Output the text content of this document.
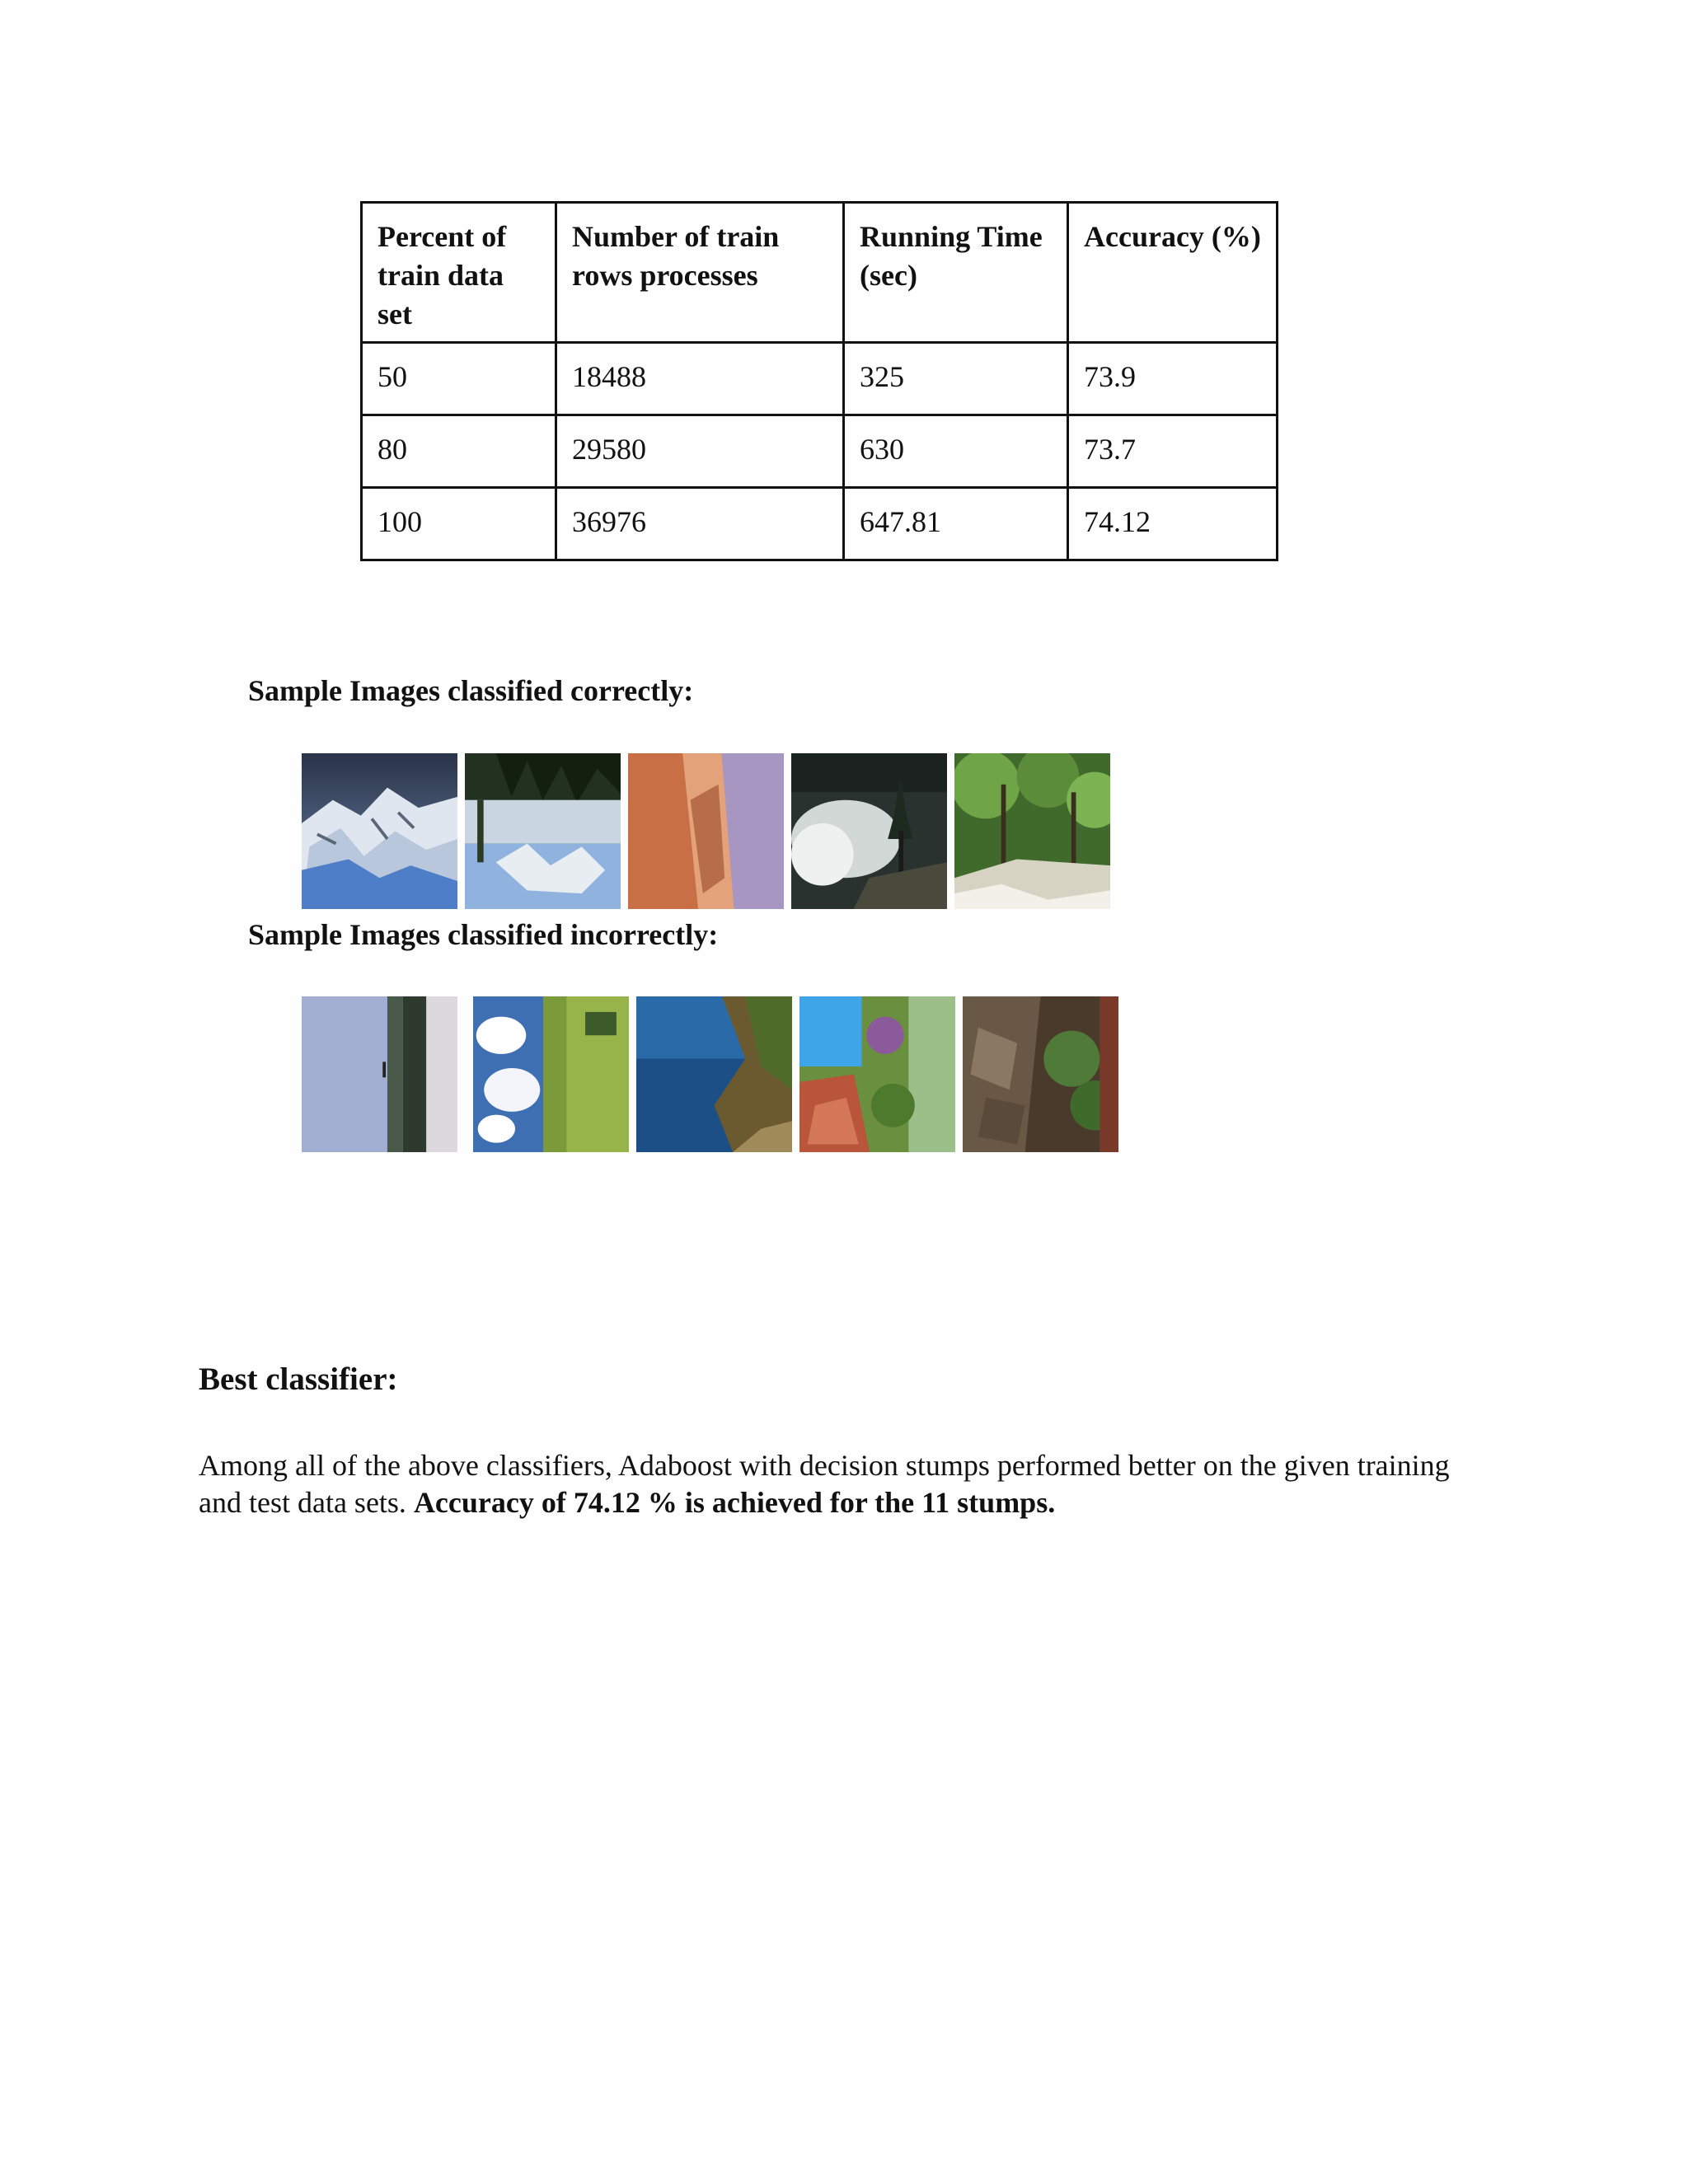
Percent of train data set	Number of train rows processes	Running Time (sec)	Accuracy (%)
50	18488	325	73.9
80	29580	630	73.7
100	36976	647.81	74.12
Sample Images classified correctly:
Sample Images classified incorrectly:
Best classifier:

Among all of the above classifiers, Adaboost with decision stumps performed better on the given training and test data sets. Accuracy of 74.12 % is achieved for the 11 stumps.
